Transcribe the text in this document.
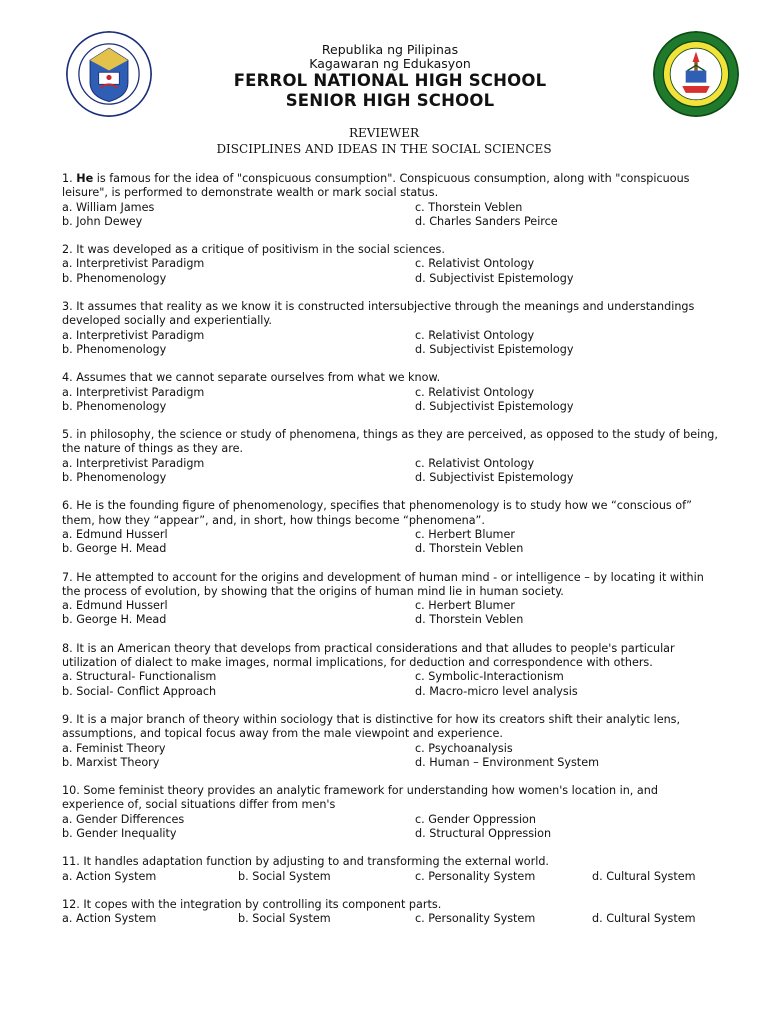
Republika ng Pilipinas
Kagawaran ng Edukasyon
FERROL NATIONAL HIGH SCHOOL
SENIOR HIGH SCHOOL
REVIEWER
DISCIPLINES AND IDEAS IN THE SOCIAL SCIENCES

1. He is famous for the idea of "conspicuous consumption". Conspicuous consumption, along with "conspicuous leisure", is performed to demonstrate wealth or mark social status.

a. William James	c. Thorstein Veblen
b. John Dewey	d. Charles Sanders Peirce

2. It was developed as a critique of positivism in the social sciences.

a. Interpretivist Paradigm	c. Relativist Ontology
b. Phenomenology	d. Subjectivist Epistemology

3. It assumes that reality as we know it is constructed intersubjective through the meanings and understandings developed socially and experientially.

a. Interpretivist Paradigm	c. Relativist Ontology
b. Phenomenology	d. Subjectivist Epistemology

4. Assumes that we cannot separate ourselves from what we know.

a. Interpretivist Paradigm	c. Relativist Ontology
b. Phenomenology	d. Subjectivist Epistemology

5. in philosophy, the science or study of phenomena, things as they are perceived, as opposed to the study of being, the nature of things as they are.

a. Interpretivist Paradigm	c. Relativist Ontology
b. Phenomenology	d. Subjectivist Epistemology

6. He is the founding figure of phenomenology, specifies that phenomenology is to study how we “conscious of” them, how they “appear”, and, in short, how things become “phenomena”.

a. Edmund Husserl	c. Herbert Blumer
b. George H. Mead	d. Thorstein Veblen

7. He attempted to account for the origins and development of human mind - or intelligence – by locating it within the process of evolution, by showing that the origins of human mind lie in human society.

a. Edmund Husserl	c. Herbert Blumer
b. George H. Mead	d. Thorstein Veblen

8. It is an American theory that develops from practical considerations and that alludes to people's particular utilization of dialect to make images, normal implications, for deduction and correspondence with others.

a. Structural- Functionalism	c. Symbolic-Interactionism
b. Social- Conflict Approach	d. Macro-micro level analysis

9. It is a major branch of theory within sociology that is distinctive for how its creators shift their analytic lens, assumptions, and topical focus away from the male viewpoint and experience.

a. Feminist Theory	c. Psychoanalysis
b. Marxist Theory	d. Human – Environment System

10. Some feminist theory provides an analytic framework for understanding how women's location in, and experience of, social situations differ from men's

a. Gender Differences	c. Gender Oppression
b. Gender Inequality	d. Structural Oppression

11. It handles adaptation function by adjusting to and transforming the external world.

a. Action System	b. Social System	c. Personality System	d. Cultural System

12. It copes with the integration by controlling its component parts.

a. Action System	b. Social System	c. Personality System	d. Cultural System
